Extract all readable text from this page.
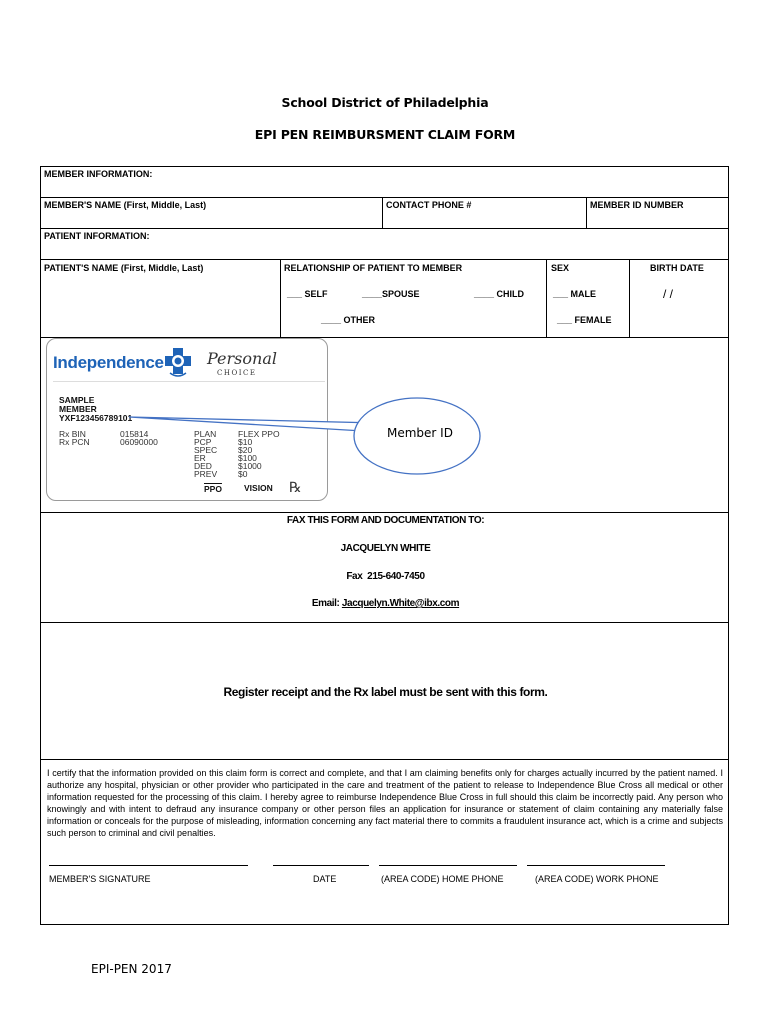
School District of Philadelphia
EPI PEN REIMBURSMENT CLAIM FORM
MEMBER INFORMATION:
MEMBER'S NAME (First, Middle, Last)	CONTACT PHONE #	MEMBER ID NUMBER
PATIENT INFORMATION:
PATIENT'S NAME (First, Middle, Last)	RELATIONSHIP OF PATIENT TO MEMBER	SEX	BIRTH DATE
___ SELF	____SPOUSE	____ CHILD
____ OTHER
___ MALE
___ FEMALE
/ /
Independence	Personal
CHOICE
SAMPLE
MEMBER
YXF123456789101
Rx BIN
Rx PCN
015814
06090000
PLAN
PCP
SPEC
ER
DED
PREV
FLEX PPO
$10
$20
$100
$1000
$0
$\overline{PPO}$	VISION ℞
Member ID
FAX THIS FORM AND DOCUMENTATION TO:
JACQUELYN WHITE
Fax 215-640-7450
Email: Jacquelyn.White@ibx.com
Register receipt and the Rx label must be sent with this form.
I certify that the information provided on this claim form is correct and complete, and that I am claiming benefits only for charges actually incurred by the patient named. I authorize any hospital, physician or other provider who participated in the care and treatment of the patient to release to Independence Blue Cross all medical or other information requested for the processing of this claim. I hereby agree to reimburse Independence Blue Cross in full should this claim be incorrectly paid. Any person who knowingly and with intent to defraud any insurance company or other person files an application for insurance or statement of claim containing any materially false information or conceals for the purpose of misleading, information concerning any fact material there to commits a fraudulent insurance act, which is a crime and subjects such person to criminal and civil penalties.
MEMBER'S SIGNATURE	DATE	(AREA CODE) HOME PHONE	(AREA CODE) WORK PHONE
EPI-PEN 2017
